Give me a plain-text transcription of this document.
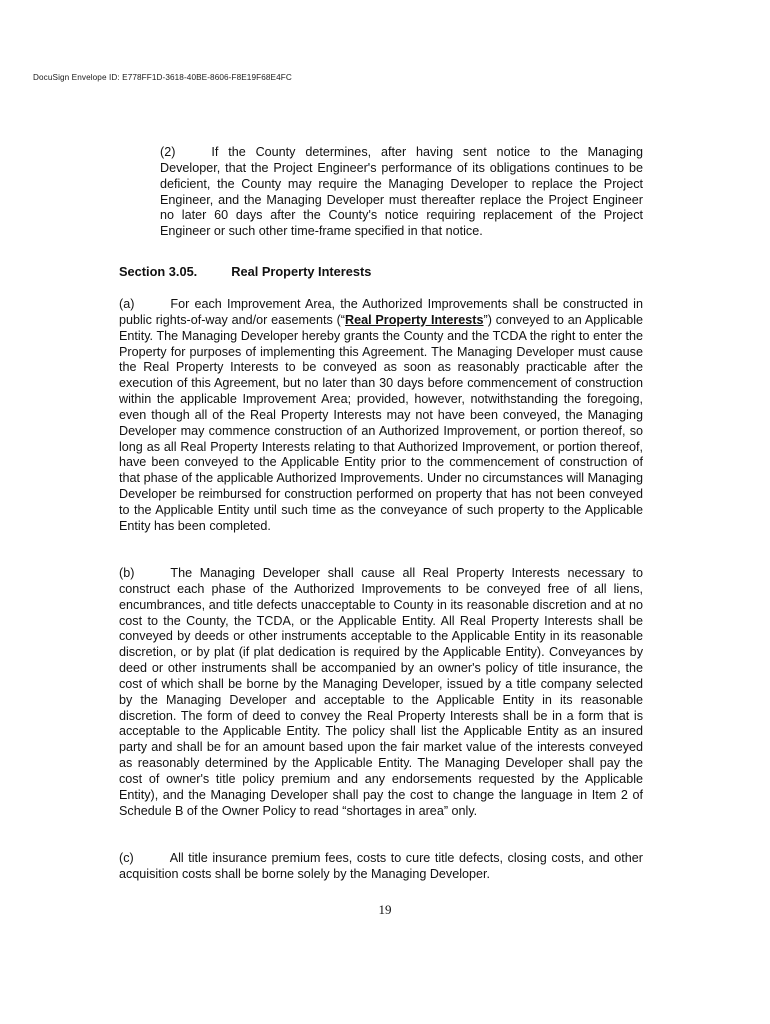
DocuSign Envelope ID: E778FF1D-3618-40BE-8606-F8E19F68E4FC

(2)	If the County determines, after having sent notice to the Managing Developer, that the Project Engineer's performance of its obligations continues to be deficient, the County may require the Managing Developer to replace the Project Engineer, and the Managing Developer must thereafter replace the Project Engineer no later 60 days after the County's notice requiring replacement of the Project Engineer or such other time-frame specified in that notice.

Section 3.05.	Real Property Interests

(a)	For each Improvement Area, the Authorized Improvements shall be constructed in public rights-of-way and/or easements (“Real Property Interests”) conveyed to an Applicable Entity. The Managing Developer hereby grants the County and the TCDA the right to enter the Property for purposes of implementing this Agreement. The Managing Developer must cause the Real Property Interests to be conveyed as soon as reasonably practicable after the execution of this Agreement, but no later than 30 days before commencement of construction within the applicable Improvement Area; provided, however, notwithstanding the foregoing, even though all of the Real Property Interests may not have been conveyed, the Managing Developer may commence construction of an Authorized Improvement, or portion thereof, so long as all Real Property Interests relating to that Authorized Improvement, or portion thereof, have been conveyed to the Applicable Entity prior to the commencement of construction of that phase of the applicable Authorized Improvements. Under no circumstances will Managing Developer be reimbursed for construction performed on property that has not been conveyed to the Applicable Entity until such time as the conveyance of such property to the Applicable Entity has been completed.

(b)	The Managing Developer shall cause all Real Property Interests necessary to construct each phase of the Authorized Improvements to be conveyed free of all liens, encumbrances, and title defects unacceptable to County in its reasonable discretion and at no cost to the County, the TCDA, or the Applicable Entity. All Real Property Interests shall be conveyed by deeds or other instruments acceptable to the Applicable Entity in its reasonable discretion, or by plat (if plat dedication is required by the Applicable Entity). Conveyances by deed or other instruments shall be accompanied by an owner's policy of title insurance, the cost of which shall be borne by the Managing Developer, issued by a title company selected by the Managing Developer and acceptable to the Applicable Entity in its reasonable discretion. The form of deed to convey the Real Property Interests shall be in a form that is acceptable to the Applicable Entity. The policy shall list the Applicable Entity as an insured party and shall be for an amount based upon the fair market value of the interests conveyed as reasonably determined by the Applicable Entity. The Managing Developer shall pay the cost of owner's title policy premium and any endorsements requested by the Applicable Entity), and the Managing Developer shall pay the cost to change the language in Item 2 of Schedule B of the Owner Policy to read “shortages in area” only.

(c)	All title insurance premium fees, costs to cure title defects, closing costs, and other acquisition costs shall be borne solely by the Managing Developer.

19
